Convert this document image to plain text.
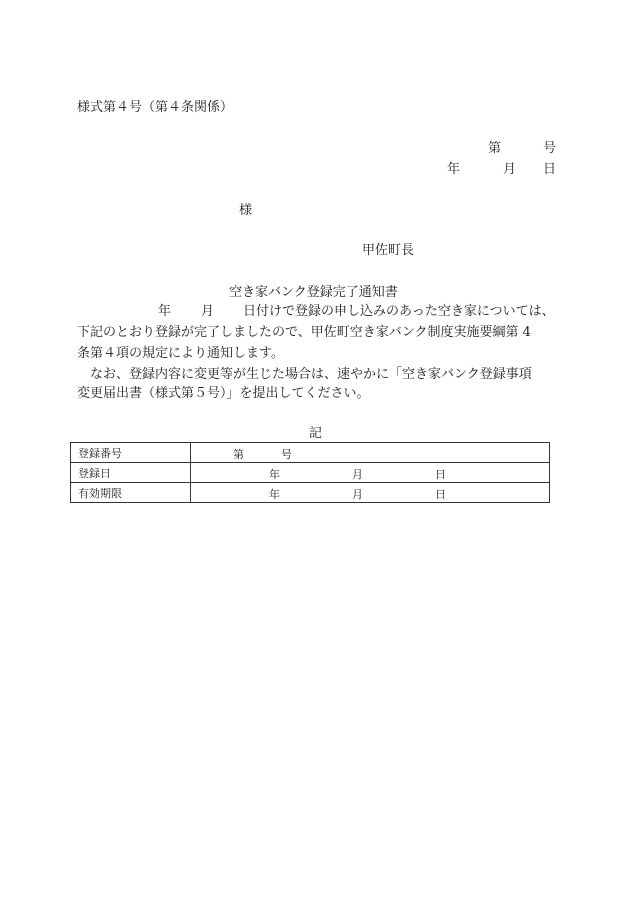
様式第４号（第４条関係）
第	号
年	月 日
様
甲佐町長
空き家バンク登録完了通知書
年 月 日付けで登録の申し込みのあった空き家については、
下記のとおり登録が完了しましたので、甲佐町空き家バンク制度実施要綱第 4
条第４項の規定により通知します。
　なお、登録内容に変更等が生じた場合は、速やかに「空き家バンク登録事項
変更届出書（様式第５号）」を提出してください。
記
登録番号	第 号

登録日	年 月 日

有効期限	年 月 日
